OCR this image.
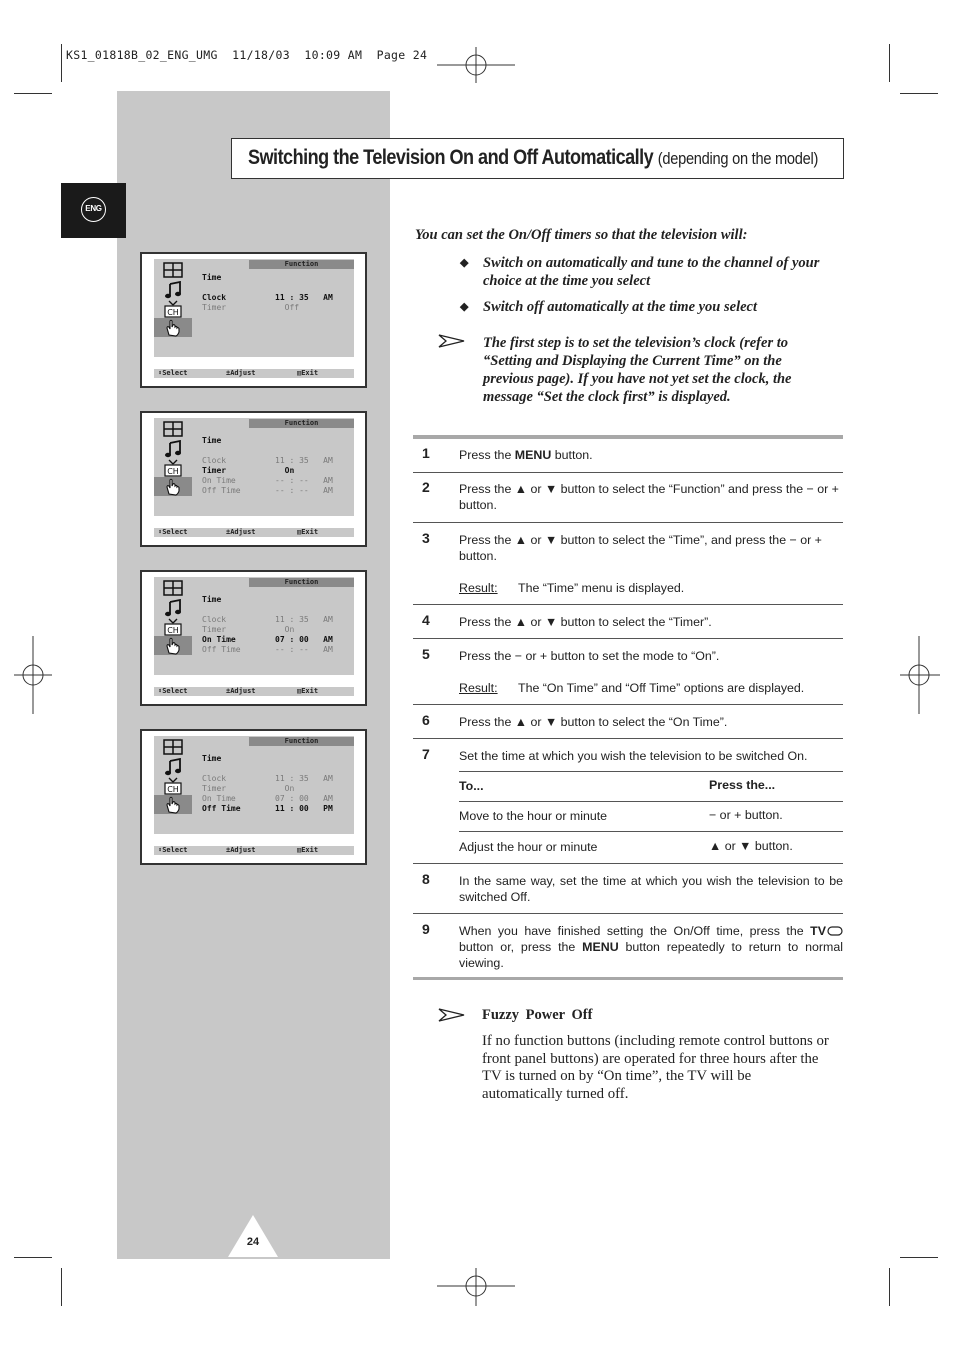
KS1_01818B_02_ENG_UMG  11/18/03  10:09 AM  Page 24
Switching the Television On and Off Automatically (depending on the model)
ENG
CH
Function
Time
Clock	11 : 35   AM
Timer	Off
⬍Select	±Adjust	▥Exit
CH
Function
Time
Clock	11 : 35   AM
Timer	On
On Time	-- : --   AM
Off Time	-- : --   AM
⬍Select	±Adjust	▥Exit
CH
Function
Time
Clock	11 : 35   AM
Timer	On
On Time	07 : 00   AM
Off Time	-- : --   AM
⬍Select	±Adjust	▥Exit
CH
Function
Time
Clock	11 : 35   AM
Timer	On
On Time	07 : 00   AM
Off Time	11 : 00   PM
⬍Select	±Adjust	▥Exit
You can set the On/Off timers so that the television will:
◆ Switch on automatically and tune to the channel of your choice at the time you select
◆ Switch off automatically at the time you select
The first step is to set the television’s clock (refer to “Setting and Displaying the Current Time” on the previous page). If you have not yet set the clock, the message “Set the clock first” is displayed.
1 Press the MENU button.
2 Press the ▲ or ▼ button to select the “Function” and press the − or + button.
3 Press the ▲ or ▼ button to select the “Time”, and press the − or + button.
Result: The “Time” menu is displayed.
4 Press the ▲ or ▼ button to select the “Timer”.
5 Press the − or + button to set the mode to “On”.
Result: The “On Time” and “Off Time” options are displayed.
6 Press the ▲ or ▼ button to select the “On Time”.
7 Set the time at which you wish the television to be switched On.
To...	Press the...
Move to the hour or minute	− or + button.
Adjust the hour or minute	▲ or ▼ button.
8 In the same way, set the time at which you wish the television to be switched Off.
9 When you have finished setting the On/Off time, press the TV button or, press the MENU button repeatedly to return to normal viewing.
Fuzzy Power Off
If no function buttons (including remote control buttons or front panel buttons) are operated for three hours after the TV is turned on by “On time”, the TV will be automatically turned off.
24
